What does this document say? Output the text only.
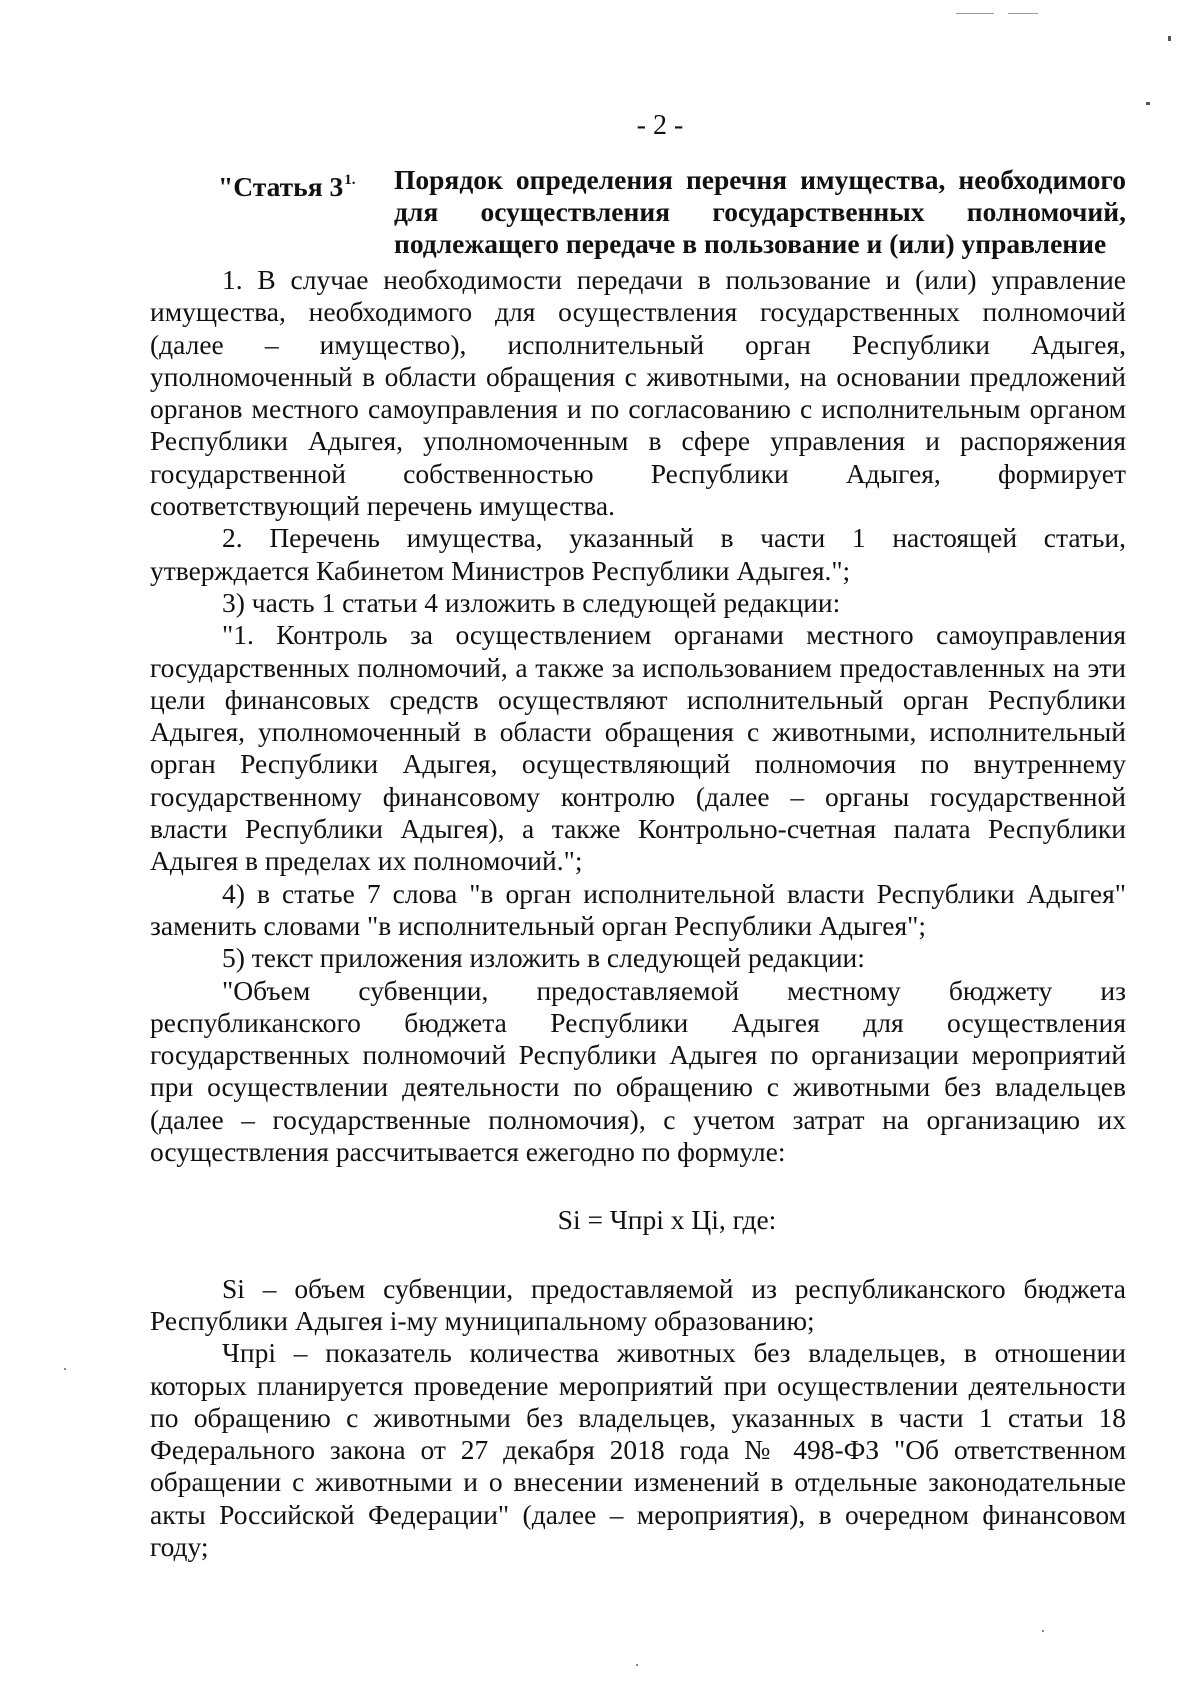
- 2 -
"Статья $3^{1.}$ Порядок определения перечня имущества, необходимого для осуществления государственных полномочий, подлежащего передаче в пользование и (или) управление

1. В случае необходимости передачи в пользование и (или) управление имущества, необходимого для осуществления государственных полномочий (далее – имущество), исполнительный орган Республики Адыгея, уполномоченный в области обращения с животными, на основании предложений органов местного самоуправления и по согласованию с исполнительным органом Республики Адыгея, уполномоченным в сфере управления и распоряжения государственной собственностью Республики Адыгея, формирует соответствующий перечень имущества.

2. Перечень имущества, указанный в части 1 настоящей статьи, утверждается Кабинетом Министров Республики Адыгея.";

3) часть 1 статьи 4 изложить в следующей редакции:

"1. Контроль за осуществлением органами местного самоуправления государственных полномочий, а также за использованием предоставленных на эти цели финансовых средств осуществляют исполнительный орган Республики Адыгея, уполномоченный в области обращения с животными, исполнительный орган Республики Адыгея, осуществляющий полномочия по внутреннему государственному финансовому контролю (далее – органы государственной власти Республики Адыгея), а также Контрольно-счетная палата Республики Адыгея в пределах их полномочий.";

4) в статье 7 слова "в орган исполнительной власти Республики Адыгея" заменить словами "в исполнительный орган Республики Адыгея";

5) текст приложения изложить в следующей редакции:

"Объем субвенции, предоставляемой местному бюджету из республиканского бюджета Республики Адыгея для осуществления государственных полномочий Республики Адыгея по организации мероприятий при осуществлении деятельности по обращению с животными без владельцев (далее – государственные полномочия), с учетом затрат на организацию их осуществления рассчитывается ежегодно по формуле:

Si = Чпрi x Цi, где:

Si – объем субвенции, предоставляемой из республиканского бюджета Республики Адыгея i-му муниципальному образованию;

Чпрi – показатель количества животных без владельцев, в отношении которых планируется проведение мероприятий при осуществлении деятельности по обращению с животными без владельцев, указанных в части 1 статьи 18 Федерального закона от 27 декабря 2018 года № 498-ФЗ "Об ответственном обращении с животными и о внесении изменений в отдельные законодательные акты Российской Федерации" (далее – мероприятия), в очередном финансовом году;
